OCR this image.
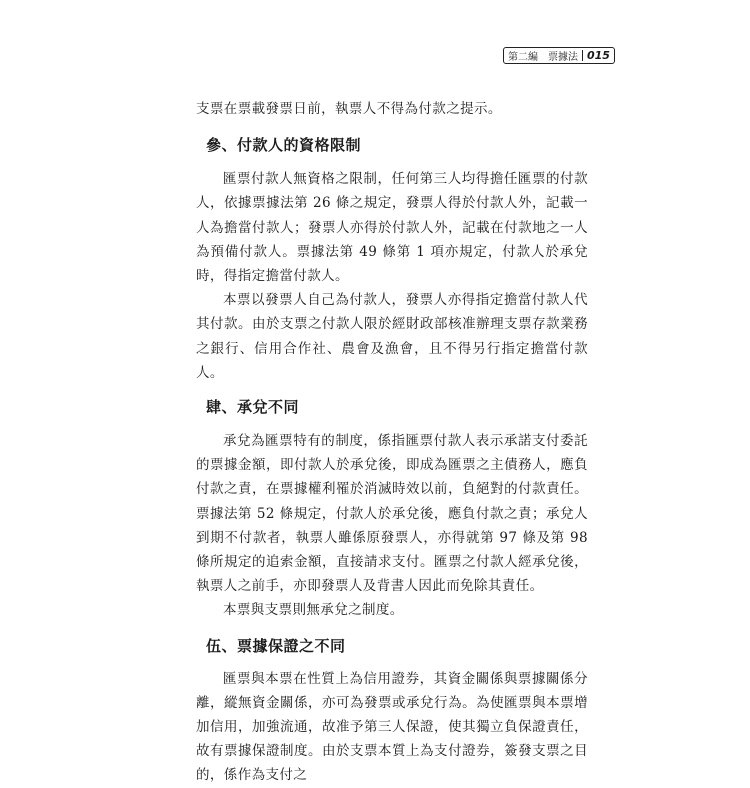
第二編 票據法 015

支票在票載發票日前，執票人不得為付款之提示。

參、付款人的資格限制

匯票付款人無資格之限制，任何第三人均得擔任匯票的付款人，依據票據法第 26 條之規定，發票人得於付款人外，記載一人為擔當付款人；發票人亦得於付款人外，記載在付款地之一人為預備付款人。票據法第 49 條第 1 項亦規定，付款人於承兌時，得指定擔當付款人。

本票以發票人自己為付款人，發票人亦得指定擔當付款人代其付款。由於支票之付款人限於經財政部核准辦理支票存款業務之銀行、信用合作社、農會及漁會，且不得另行指定擔當付款人。

肆、承兌不同

承兌為匯票特有的制度，係指匯票付款人表示承諾支付委託的票據金額，即付款人於承兌後，即成為匯票之主債務人，應負付款之責，在票據權利罹於消滅時效以前，負絕對的付款責任。票據法第 52 條規定，付款人於承兌後，應負付款之責；承兌人到期不付款者，執票人雖係原發票人，亦得就第 97 條及第 98 條所規定的追索金額，直接請求支付。匯票之付款人經承兌後，執票人之前手，亦即發票人及背書人因此而免除其責任。

本票與支票則無承兌之制度。

伍、票據保證之不同

匯票與本票在性質上為信用證券，其資金關係與票據關係分離，縱無資金關係，亦可為發票或承兌行為。為使匯票與本票增加信用，加強流通，故准予第三人保證，使其獨立負保證責任，故有票據保證制度。由於支票本質上為支付證券，簽發支票之目的，係作為支付之
